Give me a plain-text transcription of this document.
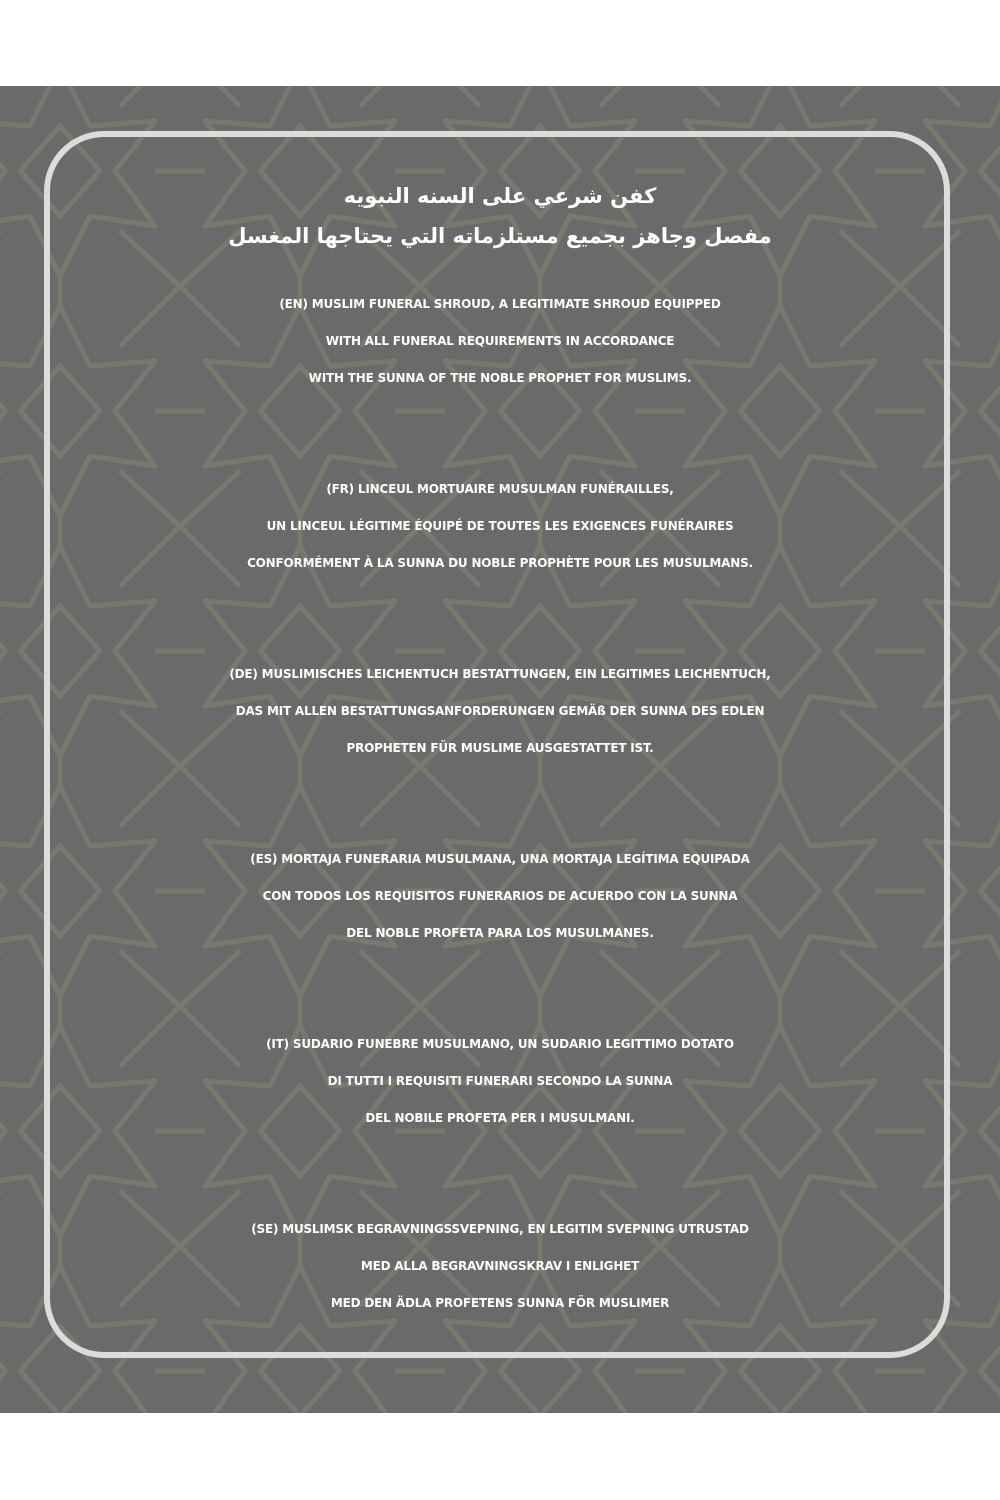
كفن شرعي على السنه النبويه
مفصل وجاهز بجميع مستلزماته التي يحتاجها المغسل
(EN) MUSLIM FUNERAL SHROUD, A LEGITIMATE SHROUD EQUIPPED
WITH ALL FUNERAL REQUIREMENTS IN ACCORDANCE
WITH THE SUNNA OF THE NOBLE PROPHET FOR MUSLIMS.
(FR) LINCEUL MORTUAIRE MUSULMAN FUNÉRAILLES,
UN LINCEUL LÉGITIME ÉQUIPÉ DE TOUTES LES EXIGENCES FUNÉRAIRES
CONFORMÉMENT À LA SUNNA DU NOBLE PROPHÈTE POUR LES MUSULMANS.
(DE) MUSLIMISCHES LEICHENTUCH BESTATTUNGEN, EIN LEGITIMES LEICHENTUCH,
DAS MIT ALLEN BESTATTUNGSANFORDERUNGEN GEMÄß DER SUNNA DES EDLEN
PROPHETEN FÜR MUSLIME AUSGESTATTET IST.
(ES) MORTAJA FUNERARIA MUSULMANA, UNA MORTAJA LEGÍTIMA EQUIPADA
CON TODOS LOS REQUISITOS FUNERARIOS DE ACUERDO CON LA SUNNA
DEL NOBLE PROFETA PARA LOS MUSULMANES.
(IT) SUDARIO FUNEBRE MUSULMANO, UN SUDARIO LEGITTIMO DOTATO
DI TUTTI I REQUISITI FUNERARI SECONDO LA SUNNA
DEL NOBILE PROFETA PER I MUSULMANI.
(SE) MUSLIMSK BEGRAVNINGSSVEPNING, EN LEGITIM SVEPNING UTRUSTAD
MED ALLA BEGRAVNINGSKRAV I ENLIGHET
MED DEN ÄDLA PROFETENS SUNNA FÖR MUSLIMER
